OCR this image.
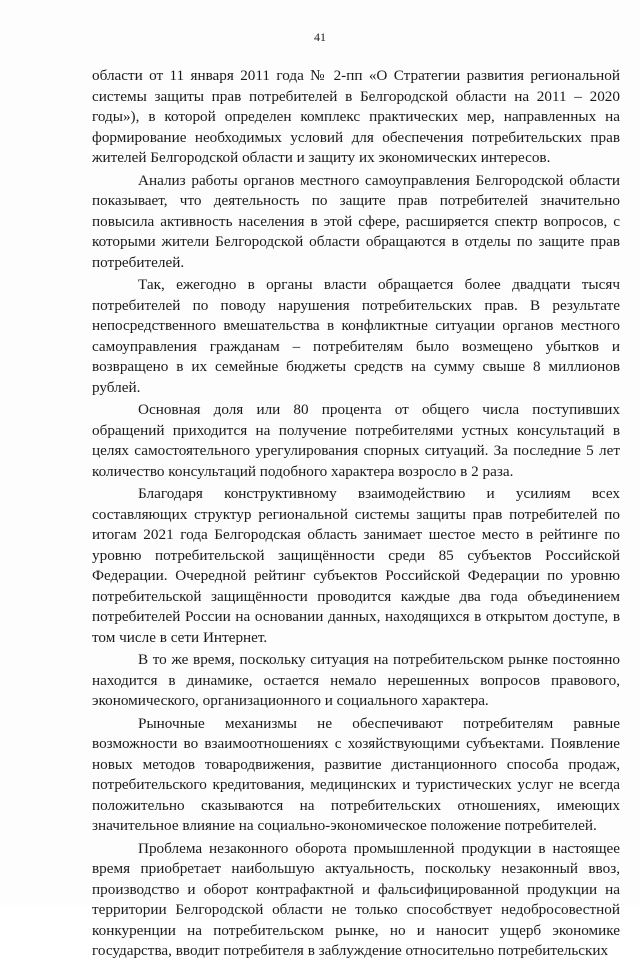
41

области от 11 января 2011 года № 2-пп «О Стратегии развития региональной системы защиты прав потребителей в Белгородской области на 2011 – 2020 годы»), в которой определен комплекс практических мер, направленных на формирование необходимых условий для обеспечения потребительских прав жителей Белгородской области и защиту их экономических интересов.

Анализ работы органов местного самоуправления Белгородской области показывает, что деятельность по защите прав потребителей значительно повысила активность населения в этой сфере, расширяется спектр вопросов, с которыми жители Белгородской области обращаются в отделы по защите прав потребителей.

Так, ежегодно в органы власти обращается более двадцати тысяч потребителей по поводу нарушения потребительских прав. В результате непосредственного вмешательства в конфликтные ситуации органов местного самоуправления гражданам – потребителям было возмещено убытков и возвращено в их семейные бюджеты средств на сумму свыше 8 миллионов рублей.

Основная доля или 80 процента от общего числа поступивших обращений приходится на получение потребителями устных консультаций в целях самостоятельного урегулирования спорных ситуаций. За последние 5 лет количество консультаций подобного характера возросло в 2 раза.

Благодаря конструктивному взаимодействию и усилиям всех составляющих структур региональной системы защиты прав потребителей по итогам 2021 года Белгородская область занимает шестое место в рейтинге по уровню потребительской защищённости среди 85 субъектов Российской Федерации. Очередной рейтинг субъектов Российской Федерации по уровню потребительской защищённости проводится каждые два года объединением потребителей России на основании данных, находящихся в открытом доступе, в том числе в сети Интернет.

В то же время, поскольку ситуация на потребительском рынке постоянно находится в динамике, остается немало нерешенных вопросов правового, экономического, организационного и социального характера.

Рыночные механизмы не обеспечивают потребителям равные возможности во взаимоотношениях с хозяйствующими субъектами. Появление новых методов товародвижения, развитие дистанционного способа продаж, потребительского кредитования, медицинских и туристических услуг не всегда положительно сказываются на потребительских отношениях, имеющих значительное влияние на социально-экономическое положение потребителей.

Проблема незаконного оборота промышленной продукции в настоящее время приобретает наибольшую актуальность, поскольку незаконный ввоз, производство и оборот контрафактной и фальсифицированной продукции на территории Белгородской области не только способствует недобросовестной конкуренции на потребительском рынке, но и наносит ущерб экономике государства, вводит потребителя в заблуждение относительно потребительских
